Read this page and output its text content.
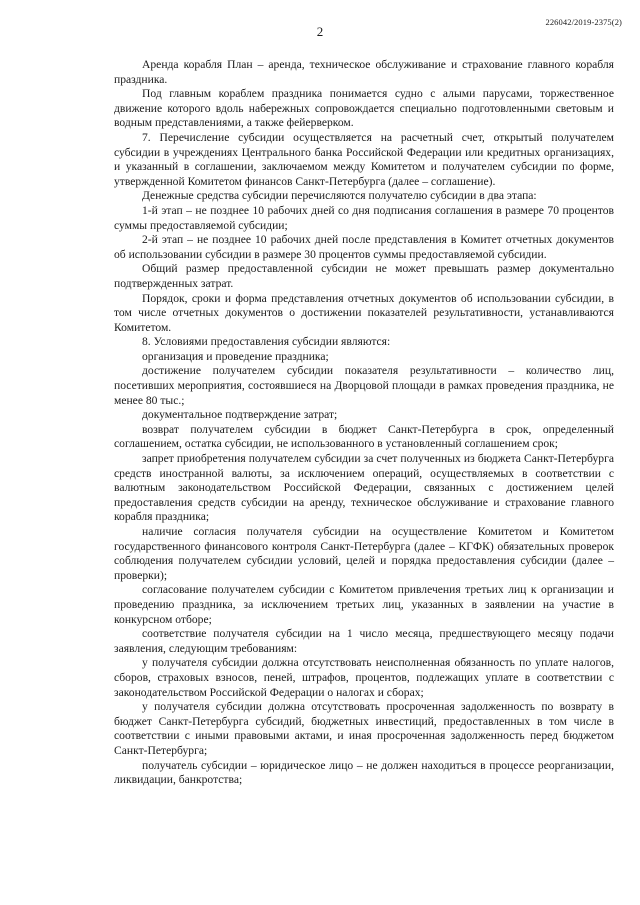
2
226042/2019-2375(2)

Аренда корабля План – аренда, техническое обслуживание и страхование главного корабля праздника.

Под главным кораблем праздника понимается судно с алыми парусами, торжественное движение которого вдоль набережных сопровождается специально подготовленными световым и водным представлениями, а также фейерверком.

7. Перечисление субсидии осуществляется на расчетный счет, открытый получателем субсидии в учреждениях Центрального банка Российской Федерации или кредитных организациях, и указанный в соглашении, заключаемом между Комитетом и получателем субсидии по форме, утвержденной Комитетом финансов Санкт-Петербурга (далее – соглашение).

Денежные средства субсидии перечисляются получателю субсидии в два этапа:

1-й этап – не позднее 10 рабочих дней со дня подписания соглашения в размере 70 процентов суммы предоставляемой субсидии;

2-й этап – не позднее 10 рабочих дней после представления в Комитет отчетных документов об использовании субсидии в размере 30 процентов суммы предоставляемой субсидии.

Общий размер предоставленной субсидии не может превышать размер документально подтвержденных затрат.

Порядок, сроки и форма представления отчетных документов об использовании субсидии, в том числе отчетных документов о достижении показателей результативности, устанавливаются Комитетом.

8. Условиями предоставления субсидии являются:

организация и проведение праздника;

достижение получателем субсидии показателя результативности – количество лиц, посетивших мероприятия, состоявшиеся на Дворцовой площади в рамках проведения праздника, не менее 80 тыс.;

документальное подтверждение затрат;

возврат получателем субсидии в бюджет Санкт-Петербурга в срок, определенный соглашением, остатка субсидии, не использованного в установленный соглашением срок;

запрет приобретения получателем субсидии за счет полученных из бюджета Санкт-Петербурга средств иностранной валюты, за исключением операций, осуществляемых в соответствии с валютным законодательством Российской Федерации, связанных с достижением целей предоставления средств субсидии на аренду, техническое обслуживание и страхование главного корабля праздника;

наличие согласия получателя субсидии на осуществление Комитетом и Комитетом государственного финансового контроля Санкт-Петербурга (далее – КГФК) обязательных проверок соблюдения получателем субсидии условий, целей и порядка предоставления субсидии (далее – проверки);

согласование получателем субсидии с Комитетом привлечения третьих лиц к организации и проведению праздника, за исключением третьих лиц, указанных в заявлении на участие в конкурсном отборе;

соответствие получателя субсидии на 1 число месяца, предшествующего месяцу подачи заявления, следующим требованиям:

у получателя субсидии должна отсутствовать неисполненная обязанность по уплате налогов, сборов, страховых взносов, пеней, штрафов, процентов, подлежащих уплате в соответствии с законодательством Российской Федерации о налогах и сборах;

у получателя субсидии должна отсутствовать просроченная задолженность по возврату в бюджет Санкт-Петербурга субсидий, бюджетных инвестиций, предоставленных в том числе в соответствии с иными правовыми актами, и иная просроченная задолженность перед бюджетом Санкт-Петербурга;

получатель субсидии – юридическое лицо – не должен находиться в процессе реорганизации, ликвидации, банкротства;
